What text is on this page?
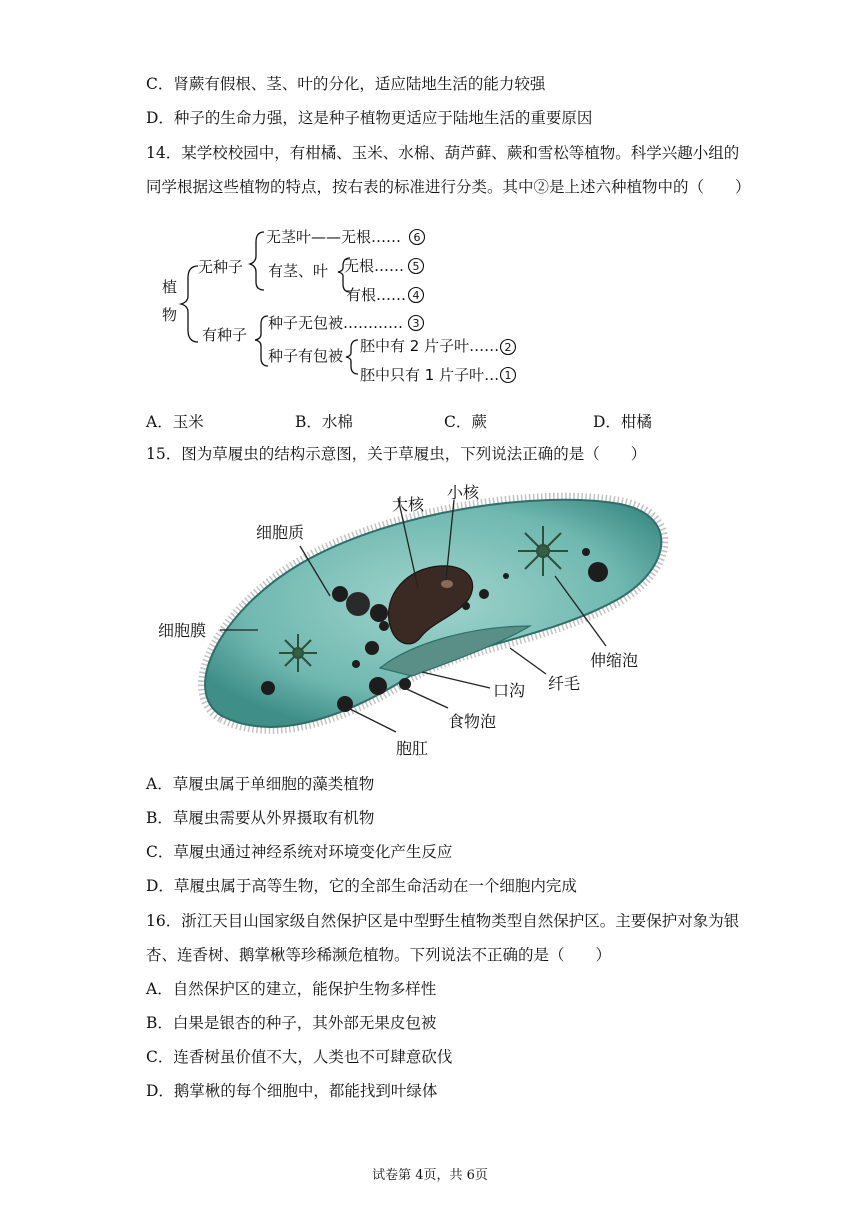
C．肾蕨有假根、茎、叶的分化，适应陆地生活的能力较强
D．种子的生命力强，这是种子植物更适应于陆地生活的重要原因
14．某学校校园中，有柑橘、玉米、水棉、葫芦藓、蕨和雪松等植物。科学兴趣小组的
同学根据这些植物的特点，按右表的标准进行分类。其中②是上述六种植物中的（　　）
植
物
无种子
有种子
无茎叶——无根…… 6
有茎、叶 无根…… 5
有根…… 4
种子无包被………… 3
种子有包被
胚中有 2 片子叶…… 2
胚中只有 1 片子叶… 1
A．玉米	B．水棉	C．蕨	D．柑橘
15．图为草履虫的结构示意图，关于草履虫，下列说法正确的是（　　）
大核
小核
细胞质
细胞膜
伸缩泡
口沟 纤毛
食物泡
胞肛
A．草履虫属于单细胞的藻类植物
B．草履虫需要从外界摄取有机物
C．草履虫通过神经系统对环境变化产生反应
D．草履虫属于高等生物，它的全部生命活动在一个细胞内完成
16．浙江天目山国家级自然保护区是中型野生植物类型自然保护区。主要保护对象为银
杏、连香树、鹅掌楸等珍稀濒危植物。下列说法不正确的是（　　）
A．自然保护区的建立，能保护生物多样性
B．白果是银杏的种子，其外部无果皮包被
C．连香树虽价值不大，人类也不可肆意砍伐
D．鹅掌楸的每个细胞中，都能找到叶绿体
试卷第 4页，共 6页
